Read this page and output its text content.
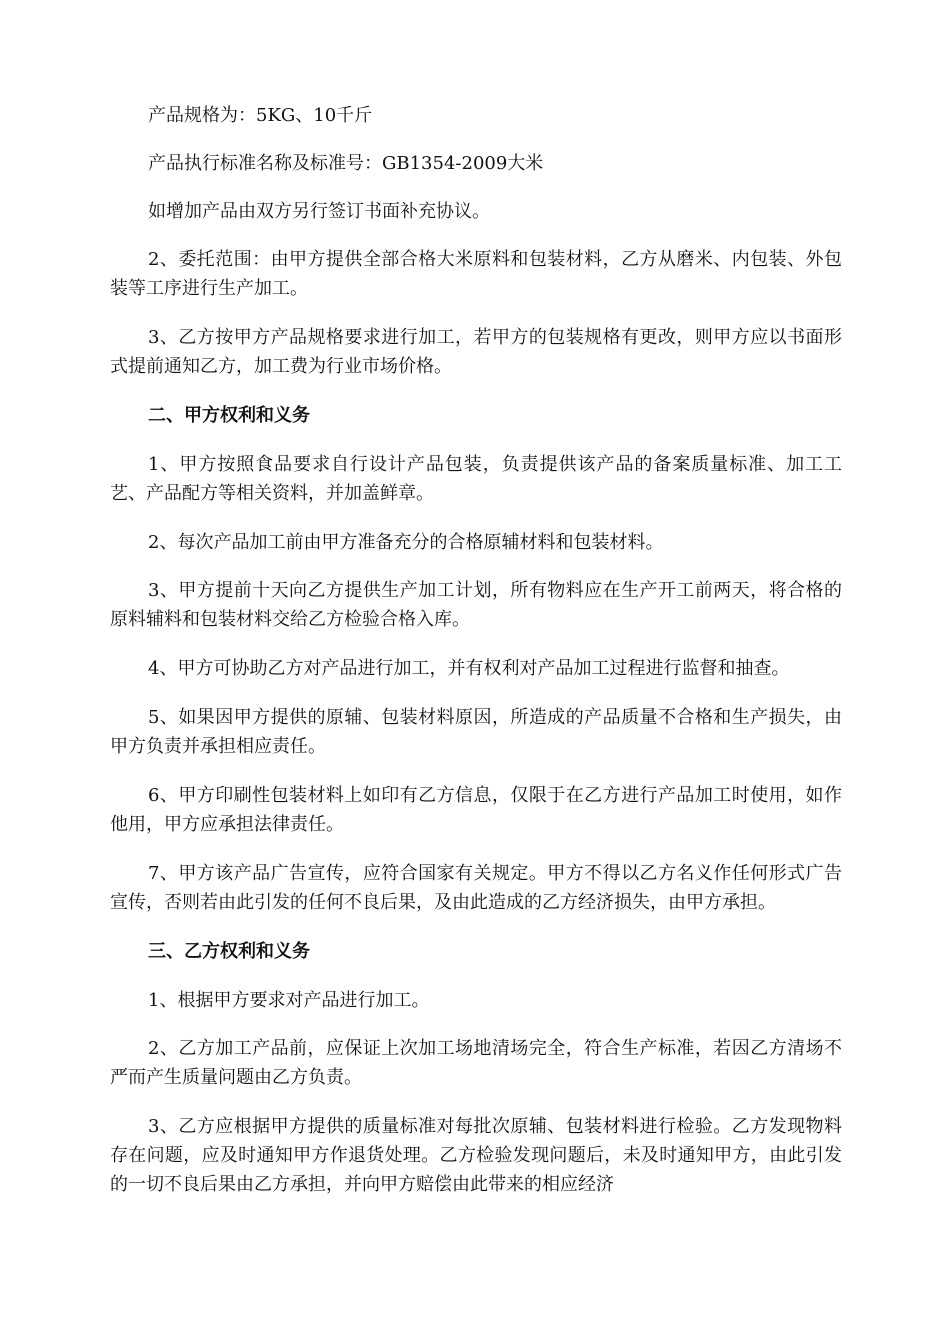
产品规格为：5KG、10千斤

产品执行标准名称及标准号：GB1354-2009大米

如增加产品由双方另行签订书面补充协议。

2、委托范围：由甲方提供全部合格大米原料和包装材料，乙方从磨米、内包装、外包装等工序进行生产加工。

3、乙方按甲方产品规格要求进行加工，若甲方的包装规格有更改，则甲方应以书面形式提前通知乙方，加工费为行业市场价格。

二、甲方权利和义务

1、甲方按照食品要求自行设计产品包装，负责提供该产品的备案质量标准、加工工艺、产品配方等相关资料，并加盖鲜章。

2、每次产品加工前由甲方准备充分的合格原辅材料和包装材料。

3、甲方提前十天向乙方提供生产加工计划，所有物料应在生产开工前两天，将合格的原料辅料和包装材料交给乙方检验合格入库。

4、甲方可协助乙方对产品进行加工，并有权利对产品加工过程进行监督和抽查。

5、如果因甲方提供的原辅、包装材料原因，所造成的产品质量不合格和生产损失，由甲方负责并承担相应责任。

6、甲方印刷性包装材料上如印有乙方信息，仅限于在乙方进行产品加工时使用，如作他用，甲方应承担法律责任。

7、甲方该产品广告宣传，应符合国家有关规定。甲方不得以乙方名义作任何形式广告宣传，否则若由此引发的任何不良后果，及由此造成的乙方经济损失，由甲方承担。

三、乙方权利和义务

1、根据甲方要求对产品进行加工。

2、乙方加工产品前，应保证上次加工场地清场完全，符合生产标准，若因乙方清场不严而产生质量问题由乙方负责。

3、乙方应根据甲方提供的质量标准对每批次原辅、包装材料进行检验。乙方发现物料存在问题，应及时通知甲方作退货处理。乙方检验发现问题后，未及时通知甲方，由此引发的一切不良后果由乙方承担，并向甲方赔偿由此带来的相应经济
